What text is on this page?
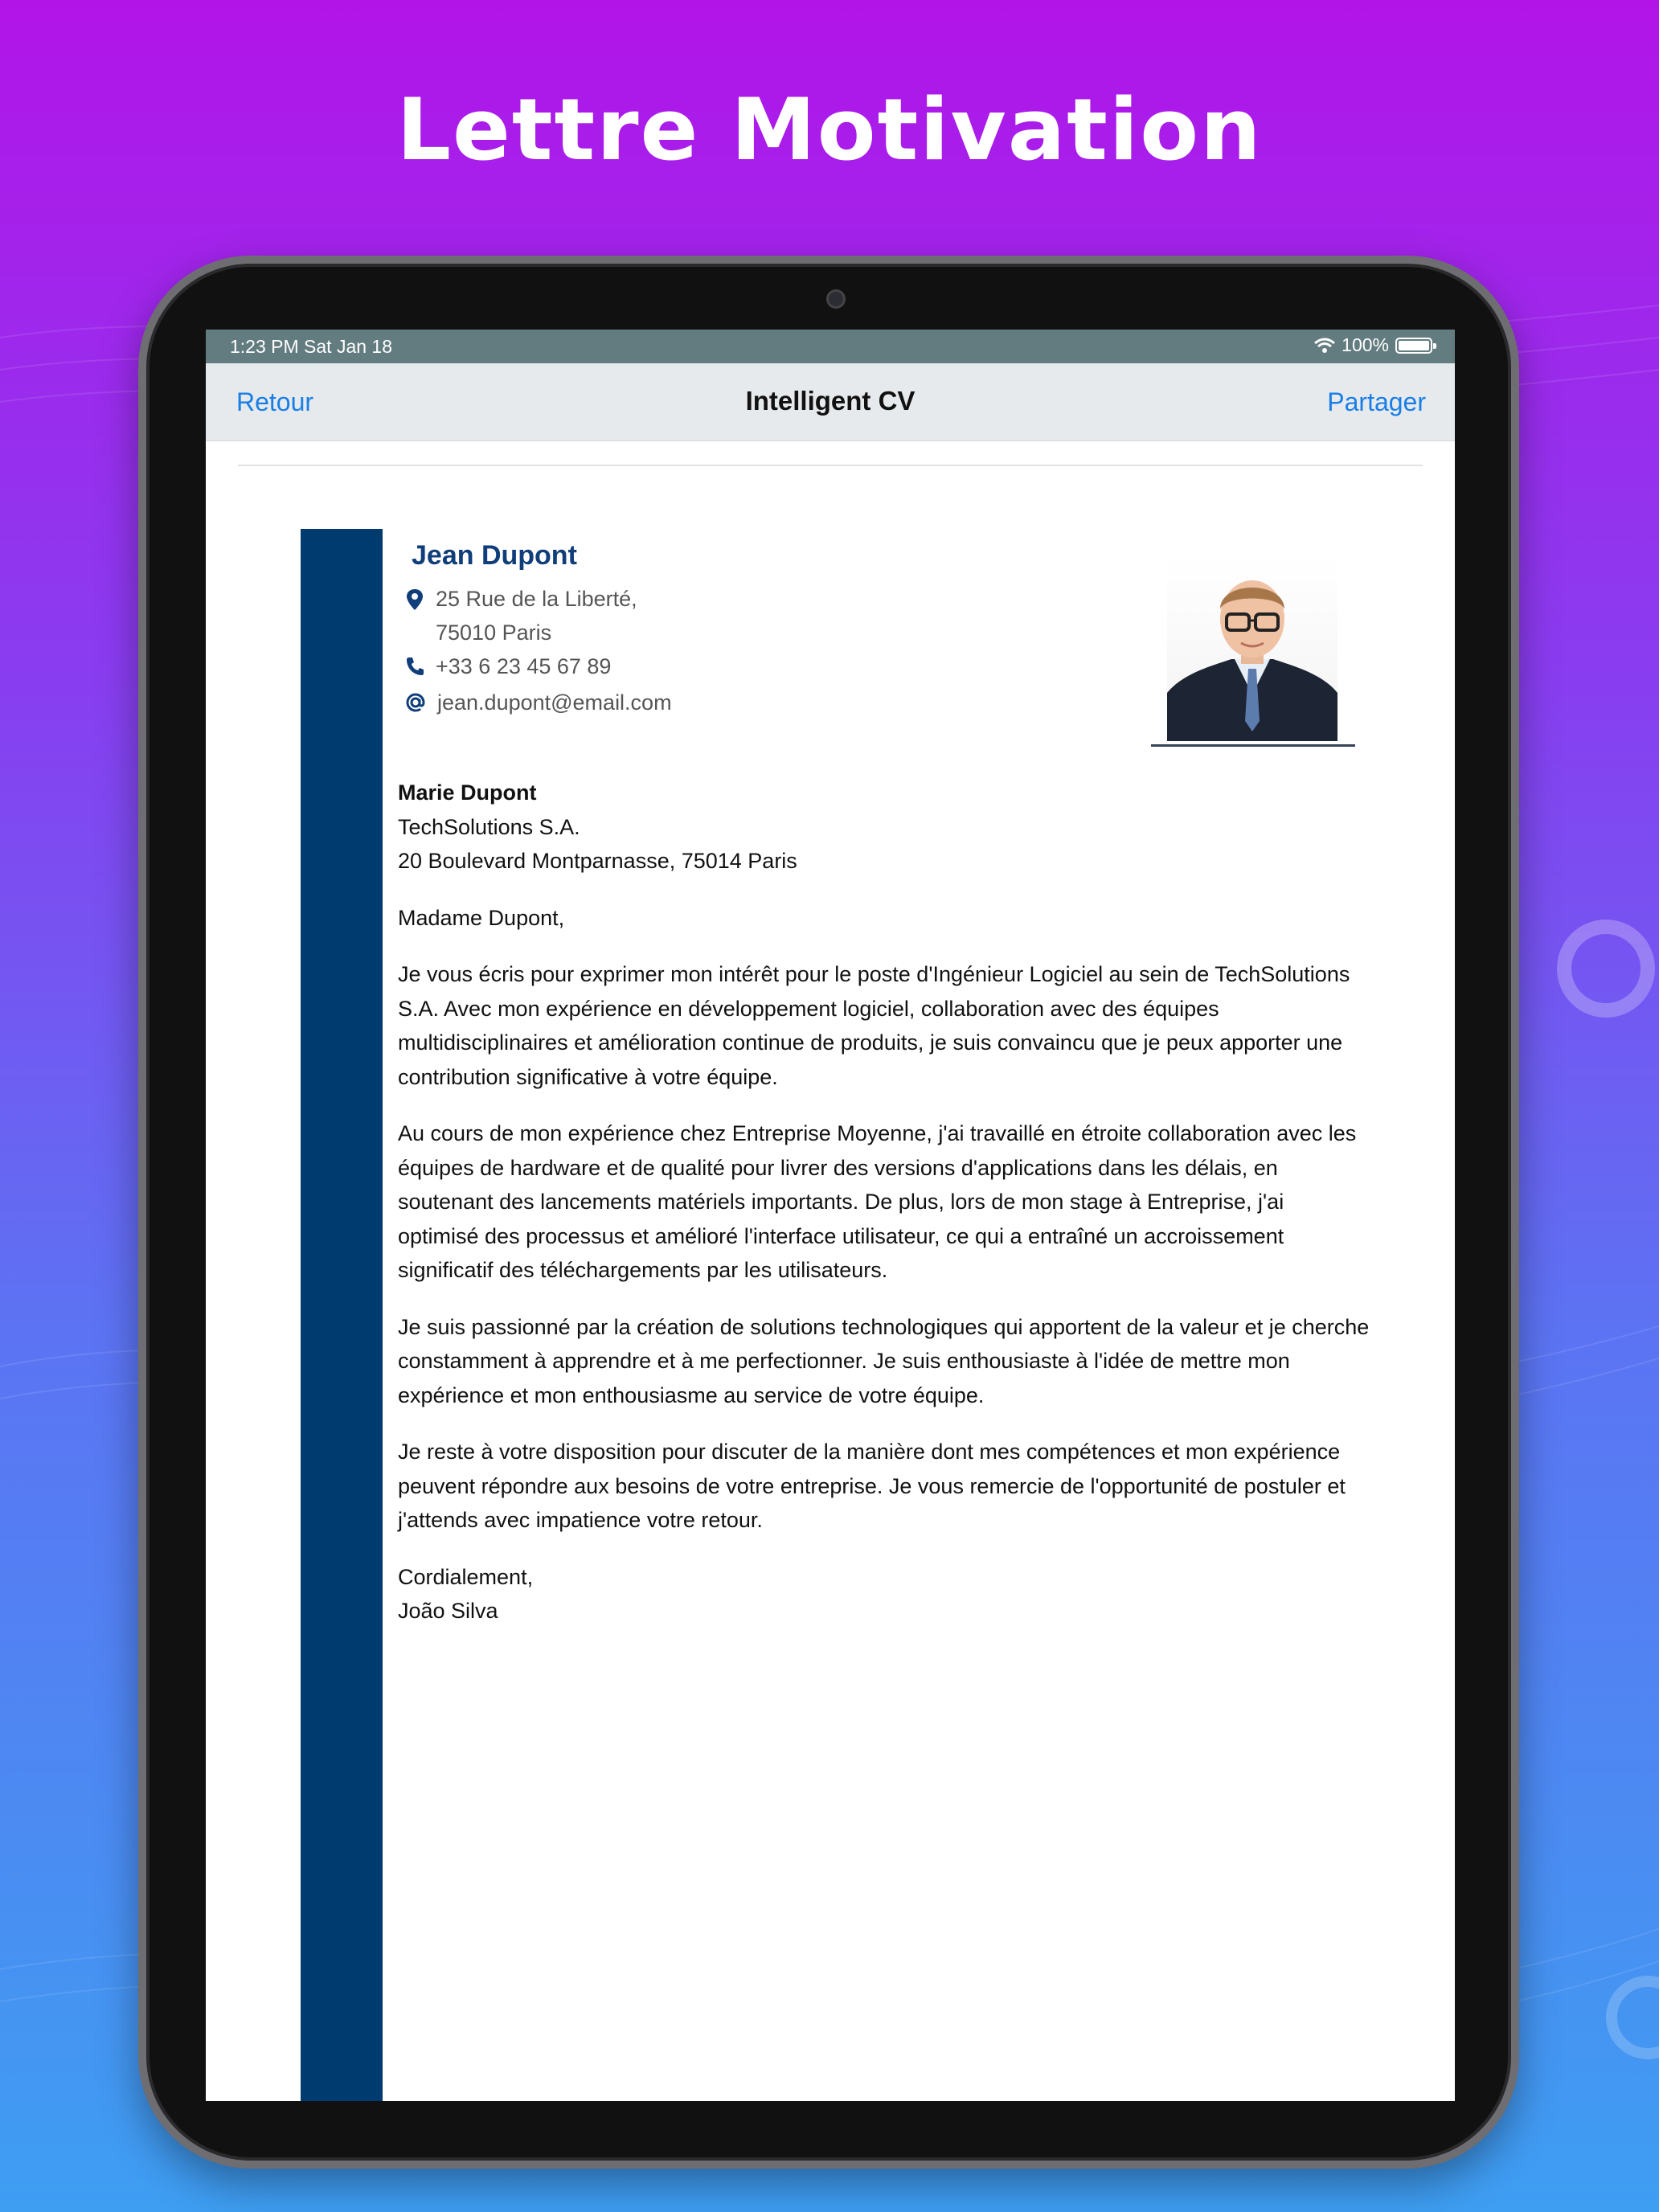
Lettre Motivation
1:23 PM Sat Jan 18	100%
Retour	Intelligent CV	Partager
Jean Dupont
25 Rue de la Liberté,
75010 Paris
+33 6 23 45 67 89
jean.dupont@email.com

Marie Dupont
TechSolutions S.A.
20 Boulevard Montparnasse, 75014 Paris

Madame Dupont,

Je vous écris pour exprimer mon intérêt pour le poste d'Ingénieur Logiciel au sein de TechSolutions S.A. Avec mon expérience en développement logiciel, collaboration avec des équipes multidisciplinaires et amélioration continue de produits, je suis convaincu que je peux apporter une contribution significative à votre équipe.

Au cours de mon expérience chez Entreprise Moyenne, j'ai travaillé en étroite collaboration avec les équipes de hardware et de qualité pour livrer des versions d'applications dans les délais, en soutenant des lancements matériels importants. De plus, lors de mon stage à Entreprise, j'ai optimisé des processus et amélioré l'interface utilisateur, ce qui a entraîné un accroissement significatif des téléchargements par les utilisateurs.

Je suis passionné par la création de solutions technologiques qui apportent de la valeur et je cherche constamment à apprendre et à me perfectionner. Je suis enthousiaste à l'idée de mettre mon expérience et mon enthousiasme au service de votre équipe.

Je reste à votre disposition pour discuter de la manière dont mes compétences et mon expérience peuvent répondre aux besoins de votre entreprise. Je vous remercie de l'opportunité de postuler et j'attends avec impatience votre retour.

Cordialement,
João Silva
